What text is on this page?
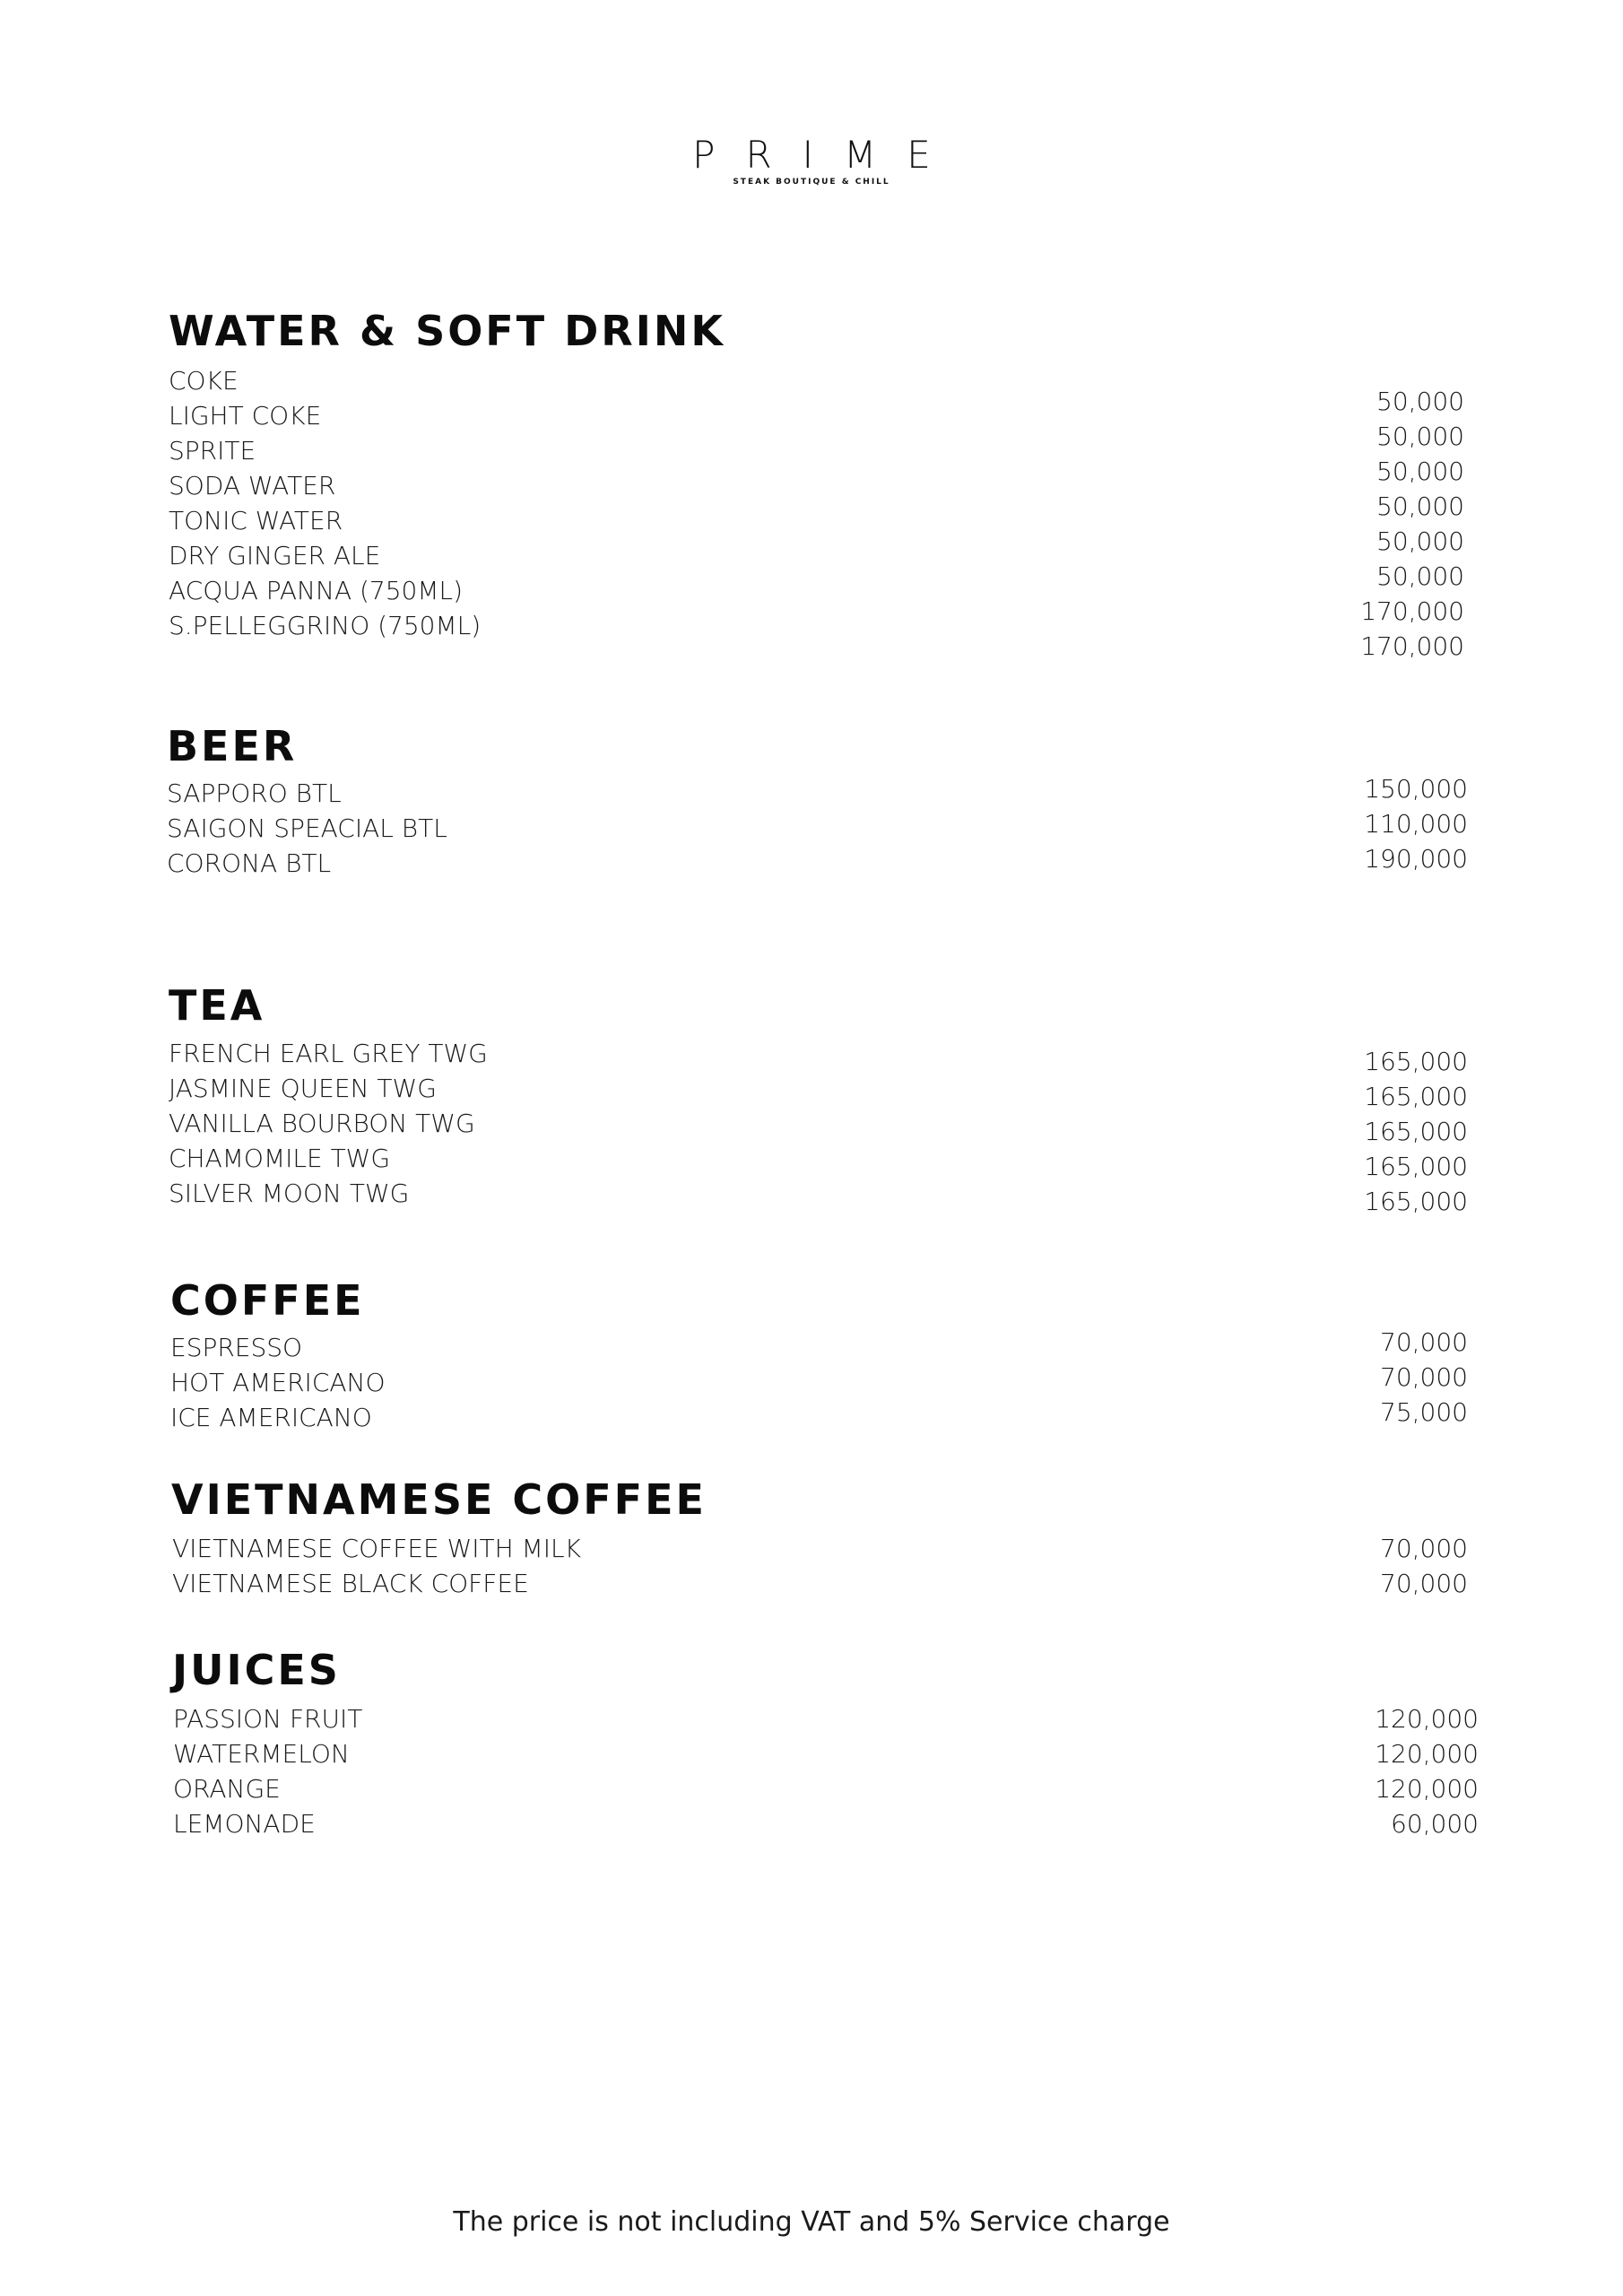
PRIME
STEAK BOUTIQUE & CHILL
WATER & SOFT DRINK
COKE
LIGHT COKE
SPRITE
SODA WATER
TONIC WATER
DRY GINGER ALE
ACQUA PANNA (750ML)
S.PELLEGGRINO (750ML)
50,000
50,000
50,000
50,000
50,000
50,000
170,000
170,000
BEER
SAPPORO BTL
SAIGON SPEACIAL BTL
CORONA BTL
150,000
110,000
190,000
TEA
FRENCH EARL GREY TWG
JASMINE QUEEN TWG
VANILLA BOURBON TWG
CHAMOMILE TWG
SILVER MOON TWG
165,000
165,000
165,000
165,000
165,000
COFFEE
ESPRESSO
HOT AMERICANO
ICE AMERICANO
70,000
70,000
75,000
VIETNAMESE COFFEE
VIETNAMESE COFFEE WITH MILK
VIETNAMESE BLACK COFFEE
70,000
70,000
JUICES
PASSION FRUIT
WATERMELON
ORANGE
LEMONADE
120,000
120,000
120,000
60,000
The price is not including VAT and 5% Service charge
